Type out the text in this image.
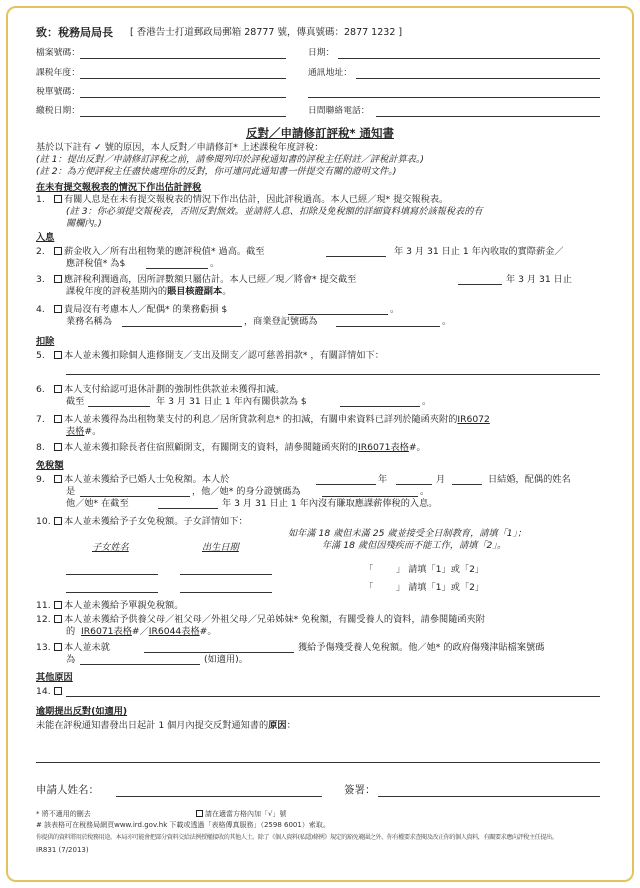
致：稅務局局長 [ 香港告士打道郵政局郵箱 28777 號，傳真號碼：2877 1232 ]
檔案號碼：	日期：
課税年度：	通訊地址：
稅單號碼：
繳税日期：	日間聯絡電話：
反對／申請修訂評稅* 通知書
基於以下註有 ✓ 號的原因，本人反對／申請修訂* 上述課稅年度評稅：
(註 1：提出反對／申請修訂評稅之前，請參閱列印於評稅通知書的評稅主任附註／評稅計算表。)
(註 2：為方便評稅主任盡快處理你的反對，你可連同此通知書一併提交有關的證明文件。)
在未有提交報稅表的情況下作出估計評稅
1.	有關人息是在未有提交報稅表的情況下作出估計，因此評稅過高。本人已經／現* 提交報稅表。
(註 3：你必須提交報稅表，否則反對無效。並請將人息、扣除及免稅額的詳細資料填寫於該報稅表的有
關欄內。)
入息
2.	薪金收入／所有出租物業的應評稅值* 過高。截至	年 3 月 31 日止 1 年內收取的實際薪金／
應評稅值* 為$	。
3.	應評稅利潤過高，因所評數額只屬估計。本人已經／現／將會* 提交截至	年 3 月 31 日止
課稅年度的評稅基期內的賬目核證副本。
4.	貴局沒有考慮本人／配偶* 的業務虧損 $	。
業務名稱為	，商業登記號碼為	。
扣除
5.	本人並未獲扣除個人進修開支／支出及開支／認可慈善捐款* ，有關詳情如下：
6.	本人支付給認可退休計劃的強制性供款並未獲得扣減。
截至	年 3 月 31 日止 1 年內有關供款為 $	。
7.	本人並未獲得為出租物業支付的利息／居所貸款利息* 的扣減，有關申索資料已詳列於隨函夾附的IR6072
表格#。
8.	本人並未獲扣除長者住宿照顧開支，有關開支的資料，請參閱隨函夾附的IR6071表格#。
免稅額
9.	本人並未獲給予已婚人士免稅額。本人於	年	月	日結婚，配偶的姓名
是	，他／她* 的身分證號碼為	。
他／她* 在截至	年 3 月 31 日止 1 年內沒有賺取應課薪俸稅的入息。
10.	本人並未獲給予子女免稅額。子女詳情如下：
如年滿 18 歲但未滿 25 歲並接受全日制教育，請填「1」；
年滿 18 歲但因殘疾而不能工作，請填「2」。
子女姓名	出生日期
「 」 請填「1」或「2」
「 」 請填「1」或「2」
11.	本人並未獲給予單親免稅額。
12.	本人並未獲給予供養父母／祖父母／外祖父母／兄弟姊妹* 免稅額，有關受養人的資料，請參閱隨函夾附
的 IR6071表格#／IR6044表格#。
13.	本人並未就	獲給予傷殘受養人免稅額。他／她* 的政府傷殘津貼檔案號碼
為	(如適用)。
其他原因
14.
逾期提出反對(如適用)
未能在評稅通知書發出日起計 1 個月內提交反對通知書的原因：
申請人姓名：	簽署：
* 將不適用的刪去	請在適當方格內加「√」號
# 該表格可在稅務局網頁www.ird.gov.hk 下載或透過「表格傳真服務」（2598 6001）索取。
你提供的資料將用於稅務用途。本局亦可能會把部分資料交給法例授權接收的其他人士。除了《個人資料(私隱)條例》規定的豁免範圍之外，你有權要求查閱及改正你的個人資料，有關要求應向評稅主任提出。
IR831 (7/2013)
